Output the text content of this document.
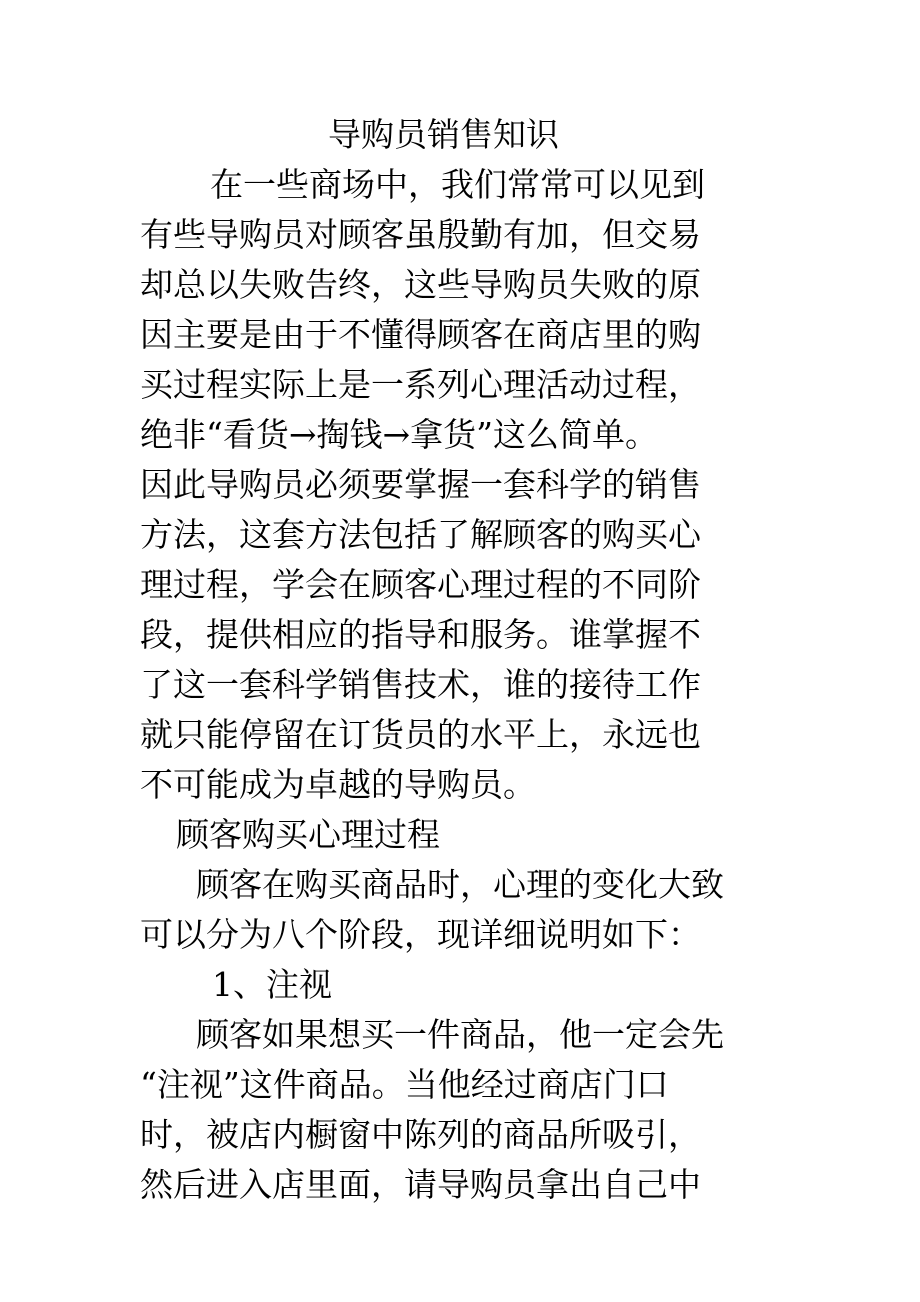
导购员销售知识
在一些商场中，我们常常可以见到
有些导购员对顾客虽殷勤有加，但交易
却总以失败告终，这些导购员失败的原
因主要是由于不懂得顾客在商店里的购
买过程实际上是一系列心理活动过程，
绝非“看货→掏钱→拿货”这么简单。
因此导购员必须要掌握一套科学的销售
方法，这套方法包括了解顾客的购买心
理过程，学会在顾客心理过程的不同阶
段，提供相应的指导和服务。谁掌握不
了这一套科学销售技术，谁的接待工作
就只能停留在订货员的水平上，永远也
不可能成为卓越的导购员。
顾客购买心理过程
顾客在购买商品时，心理的变化大致
可以分为八个阶段，现详细说明如下：
1、注视
顾客如果想买一件商品，他一定会先
“注视”这件商品。当他经过商店门口
时，被店内橱窗中陈列的商品所吸引，
然后进入店里面，请导购员拿出自己中
